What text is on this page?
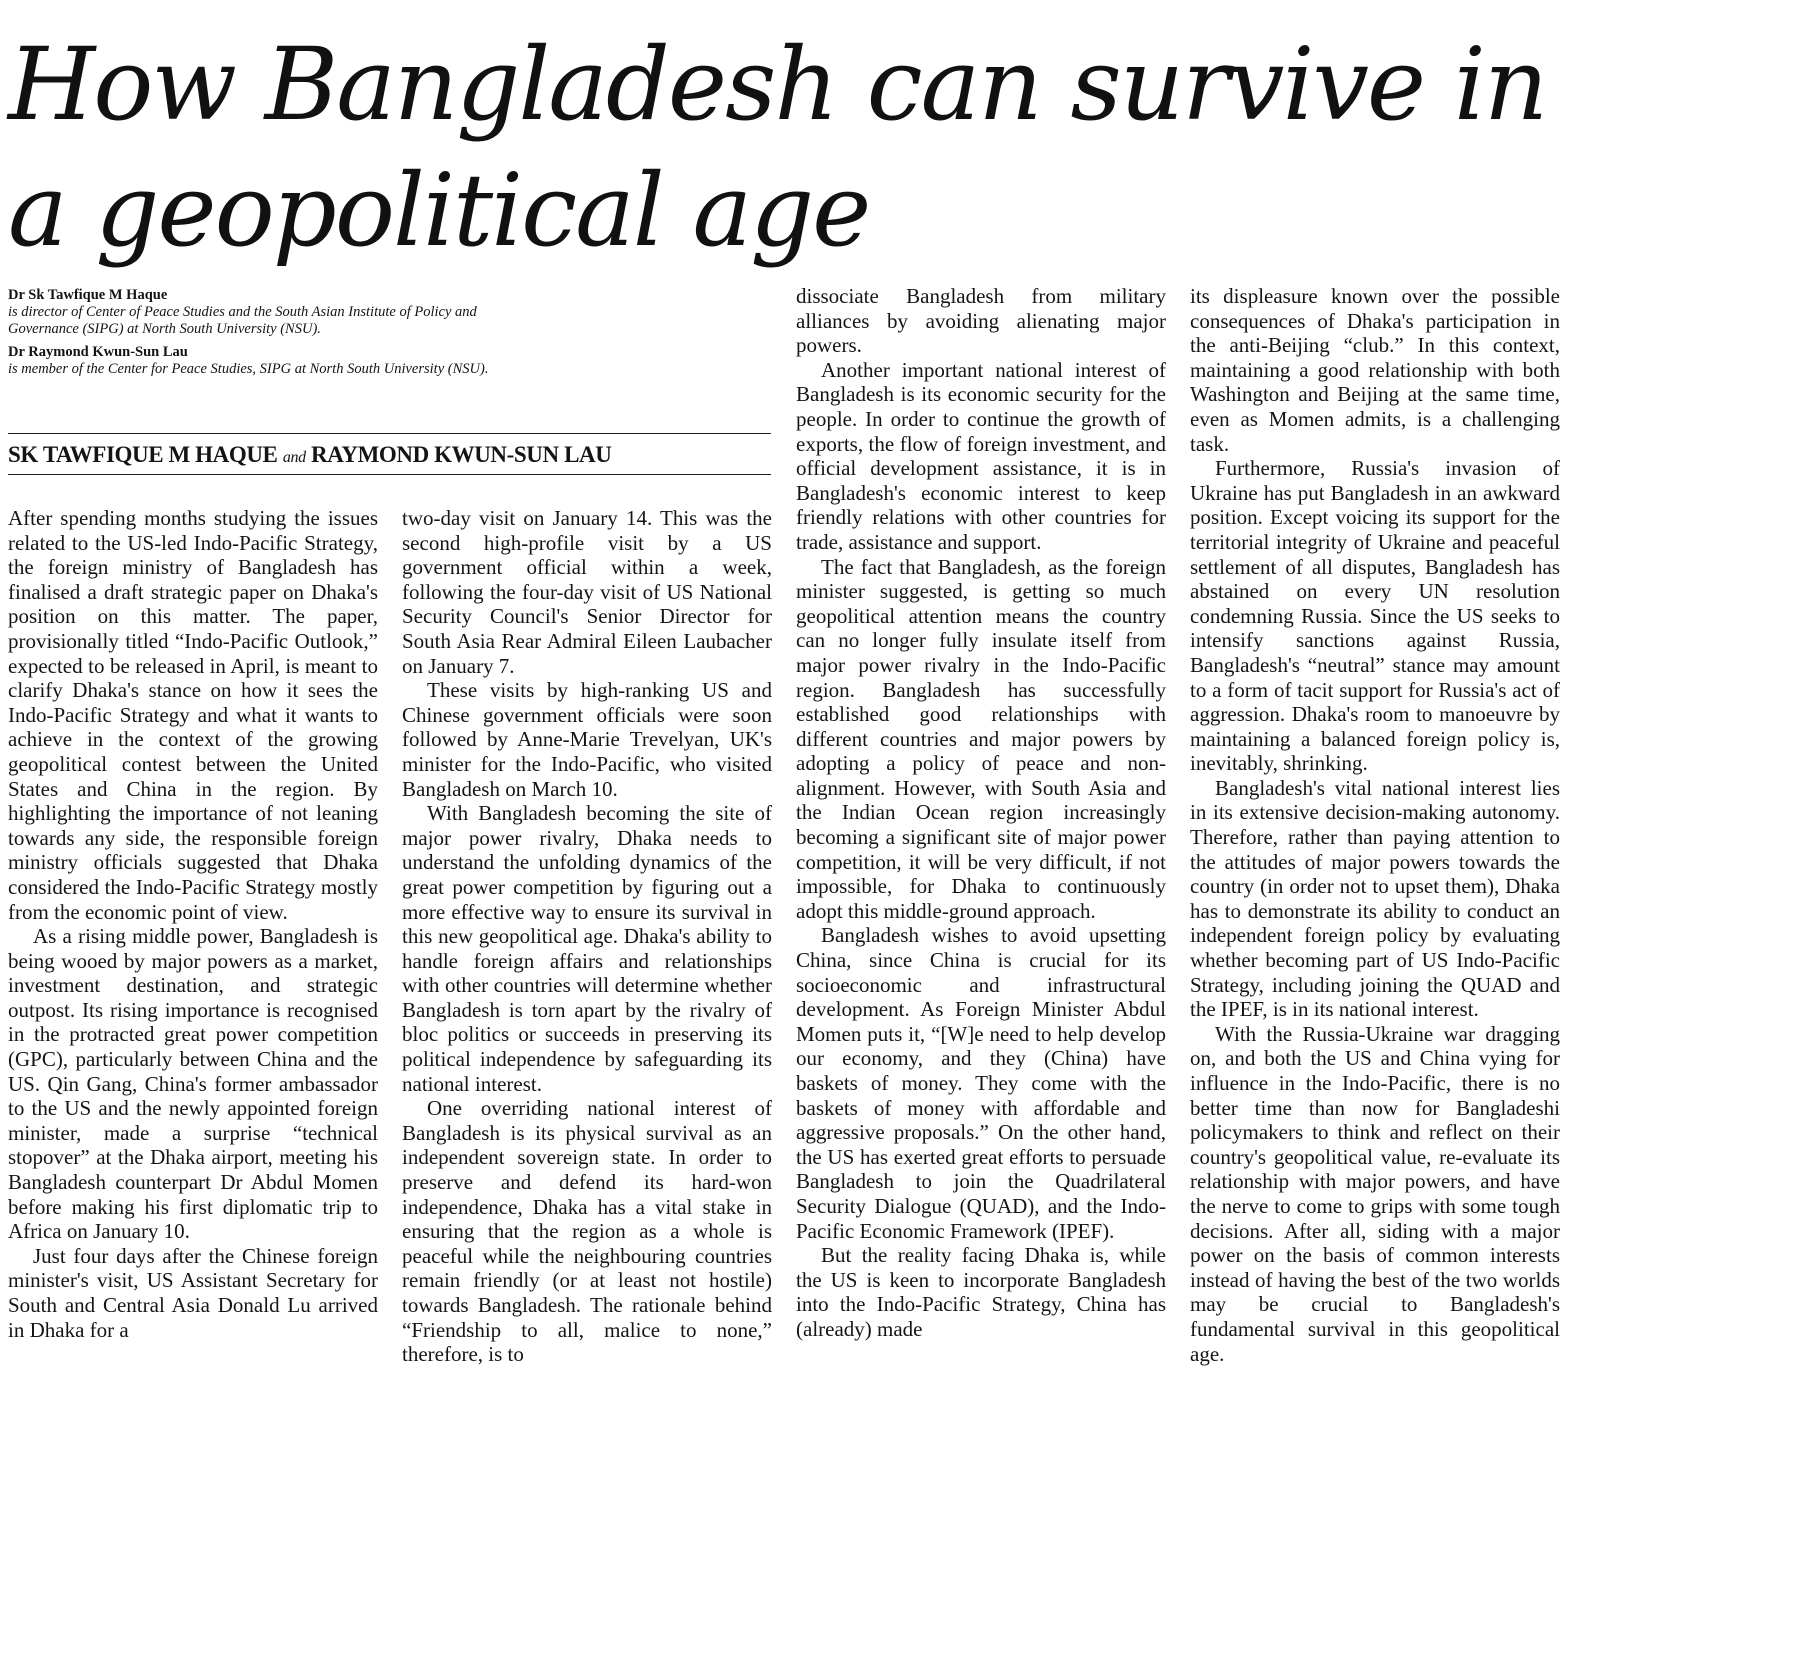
How Bangladesh can survive in a geopolitical age
Dr Sk Tawfique M Haque
is director of Center of Peace Studies and the South Asian Institute of Policy and Governance (SIPG) at North South University (NSU).
Dr Raymond Kwun-Sun Lau
is member of the Center for Peace Studies, SIPG at North South University (NSU).
SK TAWFIQUE M HAQUE and RAYMOND KWUN-SUN LAU

After spending months studying the issues related to the US-led Indo-Pacific Strategy, the foreign ministry of Bangladesh has finalised a draft strategic paper on Dhaka's position on this matter. The paper, provisionally titled “Indo-Pacific Outlook,” expected to be released in April, is meant to clarify Dhaka's stance on how it sees the Indo-Pacific Strategy and what it wants to achieve in the context of the growing geopolitical contest between the United States and China in the region. By highlighting the importance of not leaning towards any side, the responsible foreign ministry officials suggested that Dhaka considered the Indo-Pacific Strategy mostly from the economic point of view.

As a rising middle power, Bangladesh is being wooed by major powers as a market, investment destination, and strategic outpost. Its rising importance is recognised in the protracted great power competition (GPC), particularly between China and the US. Qin Gang, China's former ambassador to the US and the newly appointed foreign minister, made a surprise “technical stopover” at the Dhaka airport, meeting his Bangladesh counterpart Dr Abdul Momen before making his first diplomatic trip to Africa on January 10.

Just four days after the Chinese foreign minister's visit, US Assistant Secretary for South and Central Asia Donald Lu arrived in Dhaka for a

two-day visit on January 14. This was the second high-profile visit by a US government official within a week, following the four-day visit of US National Security Council's Senior Director for South Asia Rear Admiral Eileen Laubacher on January 7.

These visits by high-ranking US and Chinese government officials were soon followed by Anne-Marie Trevelyan, UK's minister for the Indo-Pacific, who visited Bangladesh on March 10.

With Bangladesh becoming the site of major power rivalry, Dhaka needs to understand the unfolding dynamics of the great power competition by figuring out a more effective way to ensure its survival in this new geopolitical age. Dhaka's ability to handle foreign affairs and relationships with other countries will determine whether Bangladesh is torn apart by the rivalry of bloc politics or succeeds in preserving its political independence by safeguarding its national interest.

One overriding national interest of Bangladesh is its physical survival as an independent sovereign state. In order to preserve and defend its hard-won independence, Dhaka has a vital stake in ensuring that the region as a whole is peaceful while the neighbouring countries remain friendly (or at least not hostile) towards Bangladesh. The rationale behind “Friendship to all, malice to none,” therefore, is to

dissociate Bangladesh from military alliances by avoiding alienating major powers.

Another important national interest of Bangladesh is its economic security for the people. In order to continue the growth of exports, the flow of foreign investment, and official development assistance, it is in Bangladesh's economic interest to keep friendly relations with other countries for trade, assistance and support.

The fact that Bangladesh, as the foreign minister suggested, is getting so much geopolitical attention means the country can no longer fully insulate itself from major power rivalry in the Indo-Pacific region. Bangladesh has successfully established good relationships with different countries and major powers by adopting a policy of peace and non-alignment. However, with South Asia and the Indian Ocean region increasingly becoming a significant site of major power competition, it will be very difficult, if not impossible, for Dhaka to continuously adopt this middle-ground approach.

Bangladesh wishes to avoid upsetting China, since China is crucial for its socioeconomic and infrastructural development. As Foreign Minister Abdul Momen puts it, “[W]e need to help develop our economy, and they (China) have baskets of money. They come with the baskets of money with affordable and aggressive proposals.” On the other hand, the US has exerted great efforts to persuade Bangladesh to join the Quadrilateral Security Dialogue (QUAD), and the Indo-Pacific Economic Framework (IPEF).

But the reality facing Dhaka is, while the US is keen to incorporate Bangladesh into the Indo-Pacific Strategy, China has (already) made

its displeasure known over the possible consequences of Dhaka's participation in the anti-Beijing “club.” In this context, maintaining a good relationship with both Washington and Beijing at the same time, even as Momen admits, is a challenging task.

Furthermore, Russia's invasion of Ukraine has put Bangladesh in an awkward position. Except voicing its support for the territorial integrity of Ukraine and peaceful settlement of all disputes, Bangladesh has abstained on every UN resolution condemning Russia. Since the US seeks to intensify sanctions against Russia, Bangladesh's “neutral” stance may amount to a form of tacit support for Russia's act of aggression. Dhaka's room to manoeuvre by maintaining a balanced foreign policy is, inevitably, shrinking.

Bangladesh's vital national interest lies in its extensive decision-making autonomy. Therefore, rather than paying attention to the attitudes of major powers towards the country (in order not to upset them), Dhaka has to demonstrate its ability to conduct an independent foreign policy by evaluating whether becoming part of US Indo-Pacific Strategy, including joining the QUAD and the IPEF, is in its national interest.

With the Russia-Ukraine war dragging on, and both the US and China vying for influence in the Indo-Pacific, there is no better time than now for Bangladeshi policymakers to think and reflect on their country's geopolitical value, re-evaluate its relationship with major powers, and have the nerve to come to grips with some tough decisions. After all, siding with a major power on the basis of common interests instead of having the best of the two worlds may be crucial to Bangladesh's fundamental survival in this geopolitical age.
